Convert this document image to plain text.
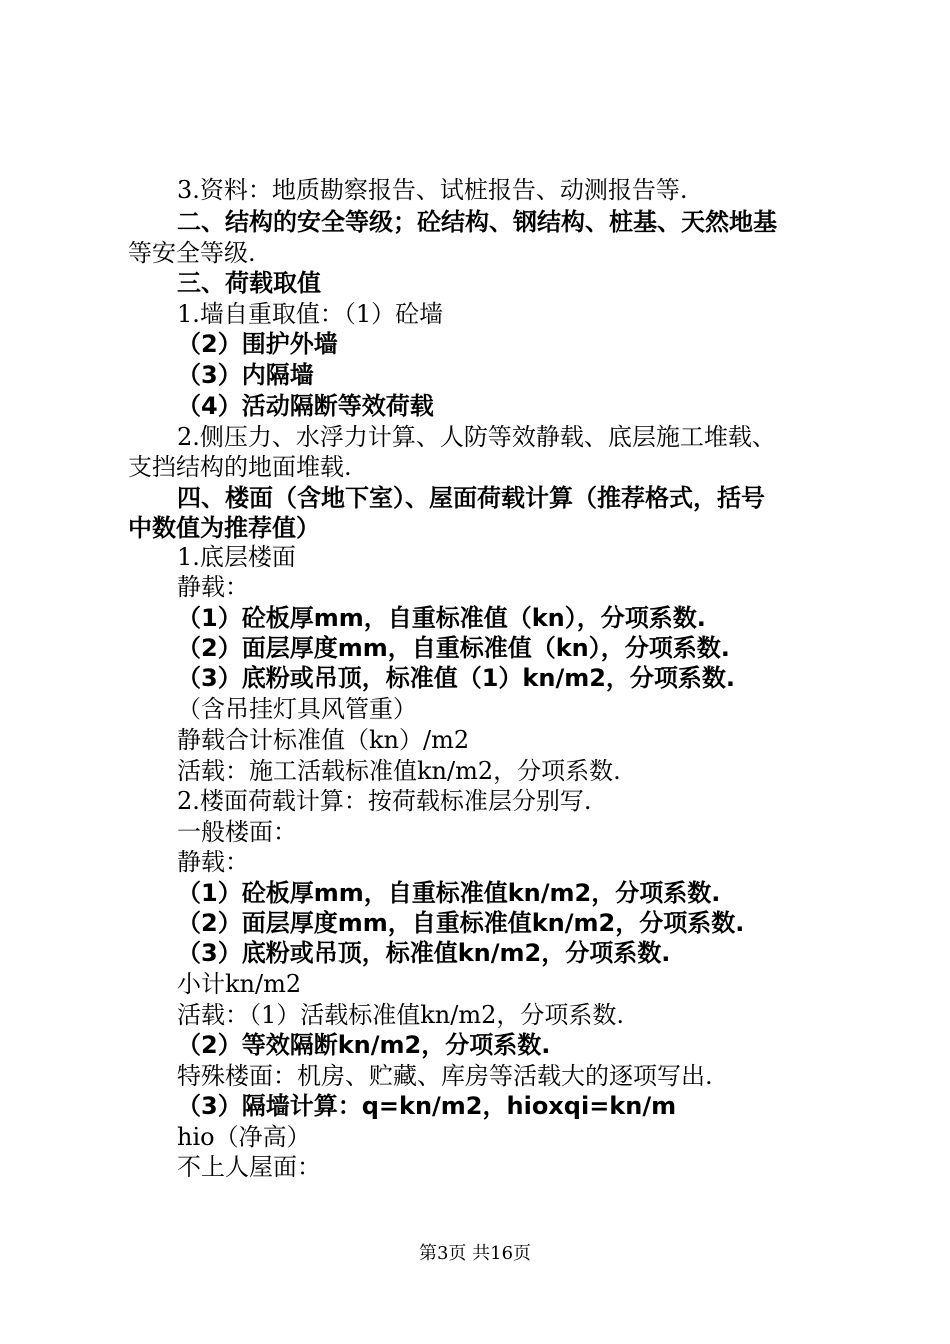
3.资料：地质勘察报告、试桩报告、动测报告等.
二、结构的安全等级；砼结构、钢结构、桩基、天然地基
等安全等级.
三、荷载取值
1.墙自重取值：（1）砼墙
（2）围护外墙
（3）内隔墙
（4）活动隔断等效荷载
2.侧压力、水浮力计算、人防等效静载、底层施工堆载、
支挡结构的地面堆载.
四、楼面（含地下室）、屋面荷载计算（推荐格式，括号
中数值为推荐值）
1.底层楼面
静载：
（1）砼板厚mm，自重标准值（kn），分项系数.
（2）面层厚度mm，自重标准值（kn），分项系数.
（3）底粉或吊顶，标准值（1）kn/m2，分项系数.
（含吊挂灯具风管重）
静载合计标准值（kn）/m2
活载：施工活载标准值kn/m2，分项系数.
2.楼面荷载计算：按荷载标准层分别写.
一般楼面：
静载：
（1）砼板厚mm，自重标准值kn/m2，分项系数.
（2）面层厚度mm，自重标准值kn/m2，分项系数.
（3）底粉或吊顶，标准值kn/m2，分项系数.
小计kn/m2
活载：（1）活载标准值kn/m2，分项系数.
（2）等效隔断kn/m2，分项系数.
特殊楼面：机房、贮藏、库房等活载大的逐项写出.
（3）隔墙计算：q=kn/m2，hioxqi=kn/m
hio（净高）
不上人屋面：
第3页 共16页
